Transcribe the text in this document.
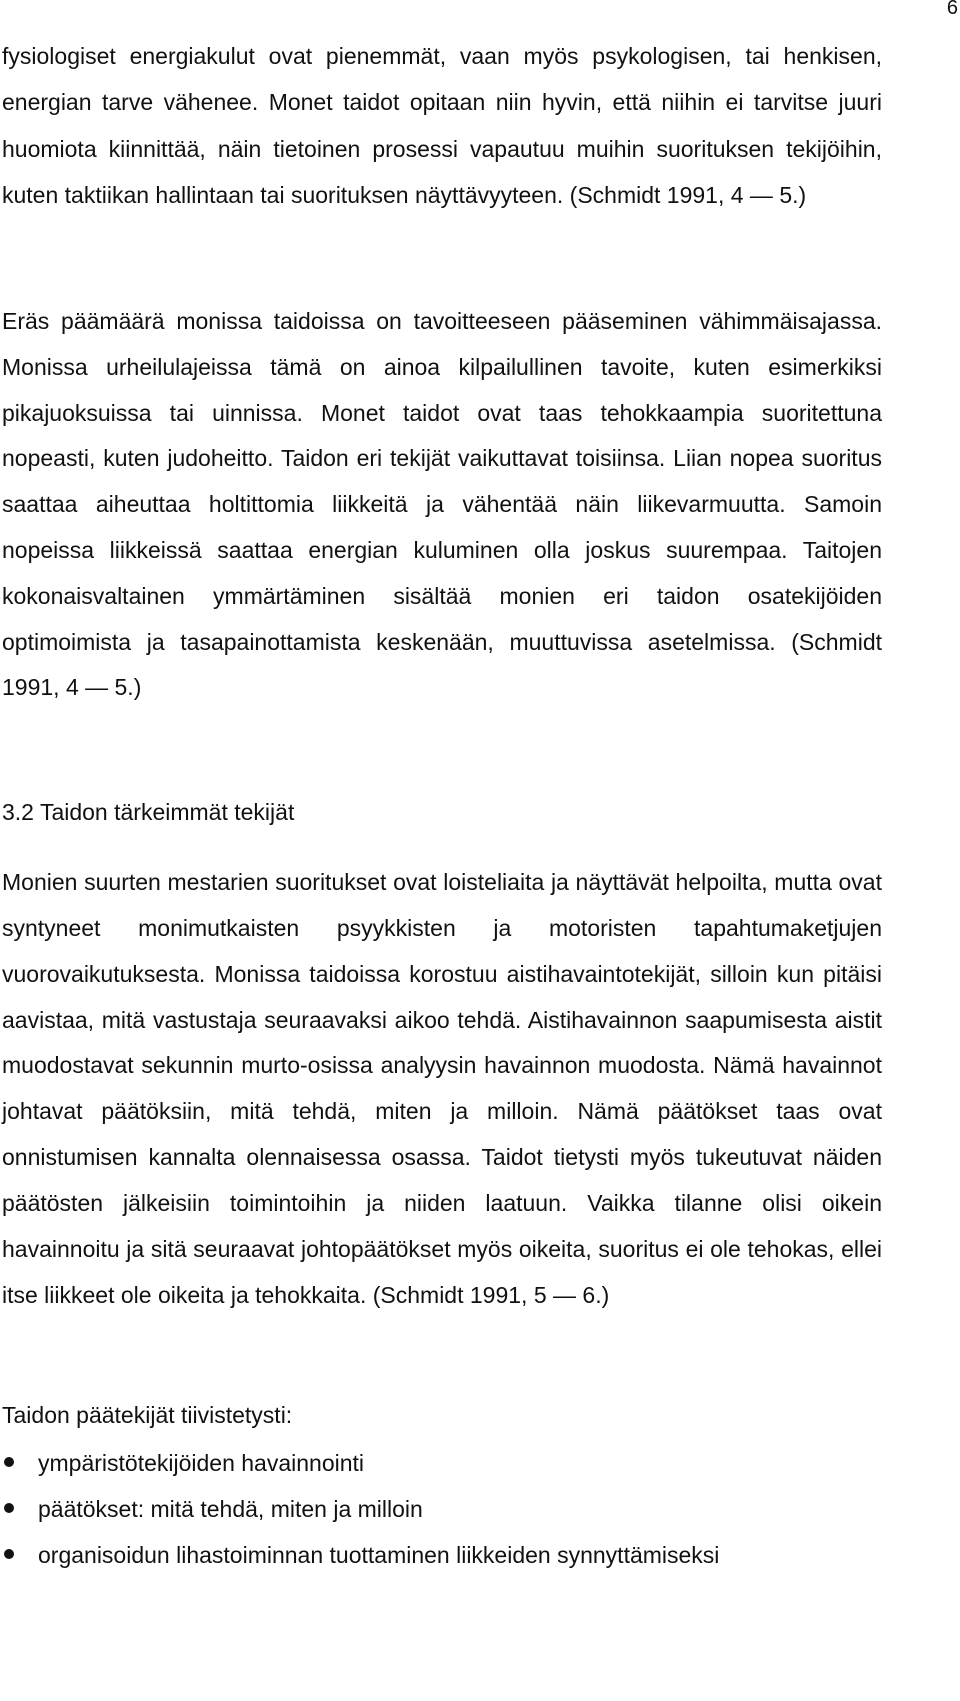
6

fysiologiset energiakulut ovat pienemmät, vaan myös psykologisen, tai henkisen, energian tarve vähenee. Monet taidot opitaan niin hyvin, että niihin ei tarvitse juuri huomiota kiinnittää, näin tietoinen prosessi vapautuu muihin suorituksen tekijöihin, kuten taktiikan hallintaan tai suorituksen näyttävyyteen. (Schmidt 1991, 4 — 5.)

Eräs päämäärä monissa taidoissa on tavoitteeseen pääseminen vähimmäisajassa. Monissa urheilulajeissa tämä on ainoa kilpailullinen tavoite, kuten esimerkiksi pikajuoksuissa tai uinnissa. Monet taidot ovat taas tehokkaampia suoritettuna nopeasti, kuten judoheitto. Taidon eri tekijät vaikuttavat toisiinsa. Liian nopea suoritus saattaa aiheuttaa holtittomia liikkeitä ja vähentää näin liikevarmuutta. Samoin nopeissa liikkeissä saattaa energian kuluminen olla joskus suurempaa. Taitojen kokonaisvaltainen ymmärtäminen sisältää monien eri taidon osatekijöiden optimoimista ja tasapainottamista keskenään, muuttuvissa asetelmissa. (Schmidt 1991, 4 — 5.)

3.2 Taidon tärkeimmät tekijät

Monien suurten mestarien suoritukset ovat loisteliaita ja näyttävät helpoilta, mutta ovat syntyneet monimutkaisten psyykkisten ja motoristen tapahtumaketjujen vuorovaikutuksesta. Monissa taidoissa korostuu aistihavaintotekijät, silloin kun pitäisi aavistaa, mitä vastustaja seuraavaksi aikoo tehdä. Aistihavainnon saapumisesta aistit muodostavat sekunnin murto-osissa analyysin havainnon muodosta. Nämä havainnot johtavat päätöksiin, mitä tehdä, miten ja milloin. Nämä päätökset taas ovat onnistumisen kannalta olennaisessa osassa. Taidot tietysti myös tukeutuvat näiden päätösten jälkeisiin toimintoihin ja niiden laatuun. Vaikka tilanne olisi oikein havainnoitu ja sitä seuraavat johtopäätökset myös oikeita, suoritus ei ole tehokas, ellei itse liikkeet ole oikeita ja tehokkaita. (Schmidt 1991, 5 — 6.)

Taidon päätekijät tiivistetysti:

ympäristötekijöiden havainnointi
päätökset: mitä tehdä, miten ja milloin
organisoidun lihastoiminnan tuottaminen liikkeiden synnyttämiseksi
